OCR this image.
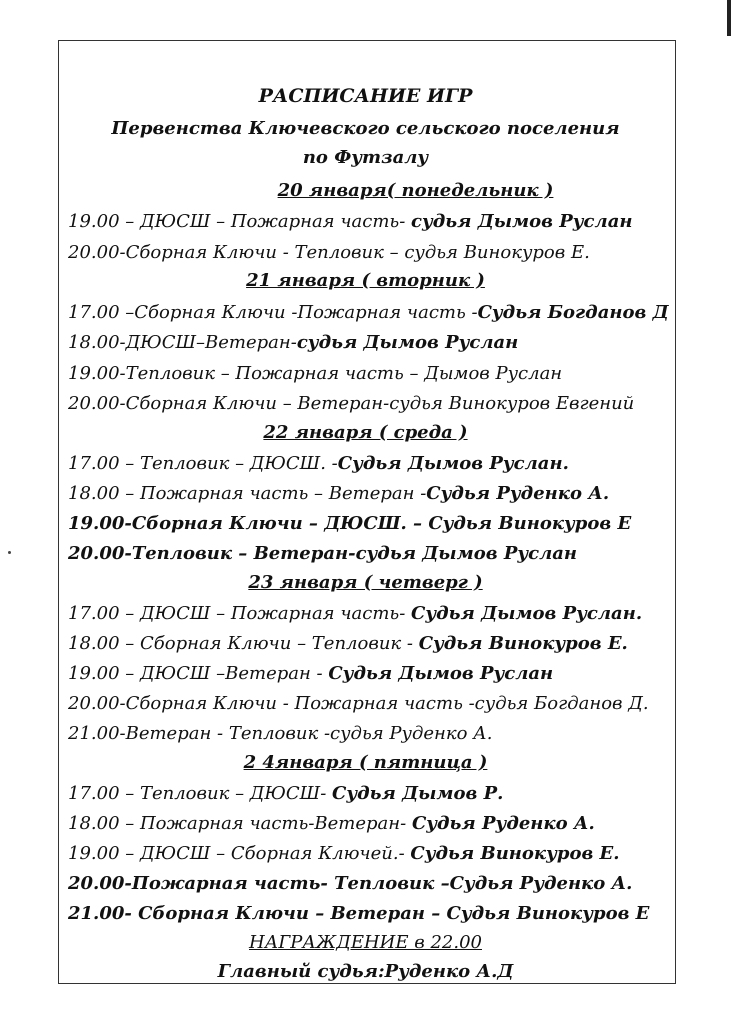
РАСПИСАНИЕ ИГР
Первенства Ключевского сельского поселения
по Футзалу
20 января( понедельник )
19.00 – ДЮСШ – Пожарная часть- судья Дымов Руслан
20.00-Сборная Ключи - Тепловик – судья Винокуров Е.
21 января ( вторник )
17.00 –Сборная Ключи -Пожарная часть -Судья Богданов Д
18.00-ДЮСШ–Ветеран-судья Дымов Руслан
19.00-Тепловик – Пожарная часть – Дымов Руслан
20.00-Сборная Ключи – Ветеран-судья Винокуров Евгений
22 января ( среда )
17.00 – Тепловик – ДЮСШ. -Судья Дымов Руслан.
18.00 – Пожарная часть – Ветеран -Судья Руденко А.
19.00-Сборная Ключи – ДЮСШ. – Судья Винокуров Е
20.00-Тепловик – Ветеран-судья Дымов Руслан
23 января ( четверг )
17.00 – ДЮСШ – Пожарная часть- Судья Дымов Руслан.
18.00 – Сборная Ключи – Тепловик - Судья Винокуров Е.
19.00 – ДЮСШ –Ветеран - Судья Дымов Руслан
20.00-Сборная Ключи - Пожарная часть -судья Богданов Д.
21.00-Ветеран - Тепловик -судья Руденко А.
2 4января ( пятница )
17.00 – Тепловик – ДЮСШ- Судья Дымов Р.
18.00 – Пожарная часть-Ветеран- Судья Руденко А.
19.00 – ДЮСШ – Сборная Ключей.- Судья Винокуров Е.
20.00-Пожарная часть- Тепловик –Судья Руденко А.
21.00- Сборная Ключи – Ветеран – Судья Винокуров Е
НАГРАЖДЕНИЕ в 22.00
Главный судья:Руденко А.Д
